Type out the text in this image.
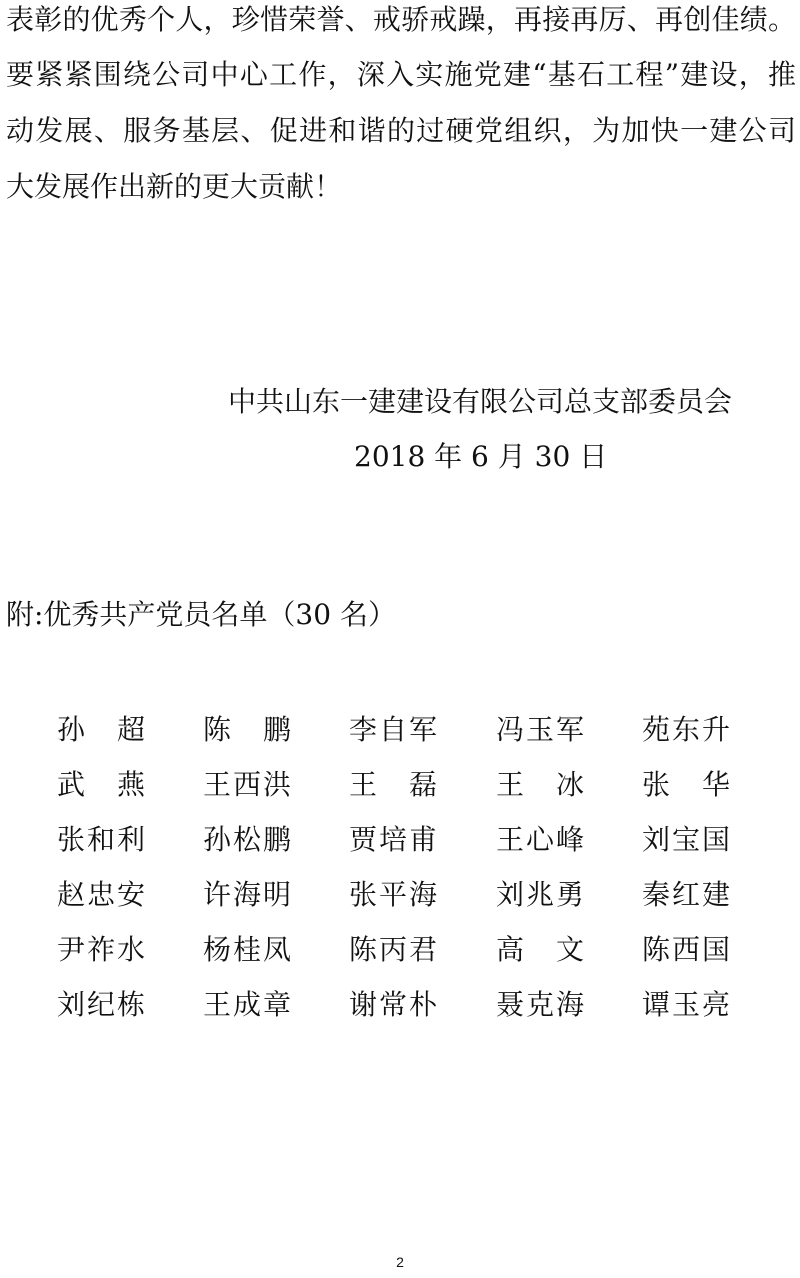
表彰的优秀个人，珍惜荣誉、戒骄戒躁，再接再厉、再创佳绩。
要紧紧围绕公司中心工作，深入实施党建“基石工程”建设，推
动发展、服务基层、促进和谐的过硬党组织，为加快一建公司
大发展作出新的更大贡献！
中共山东一建建设有限公司总支部委员会
2018 年 6 月 30 日
附:优秀共产党员名单（30 名）
孙超 陈鹏 李自军 冯玉军 苑东升
武燕 王西洪 王磊 王冰 张华
张和利 孙松鹏 贾培甫 王心峰 刘宝国
赵忠安 许海明 张平海 刘兆勇 秦红建
尹祚水 杨桂凤 陈丙君 高文 陈西国
刘纪栋 王成章 谢常朴 聂克海 谭玉亮
2
